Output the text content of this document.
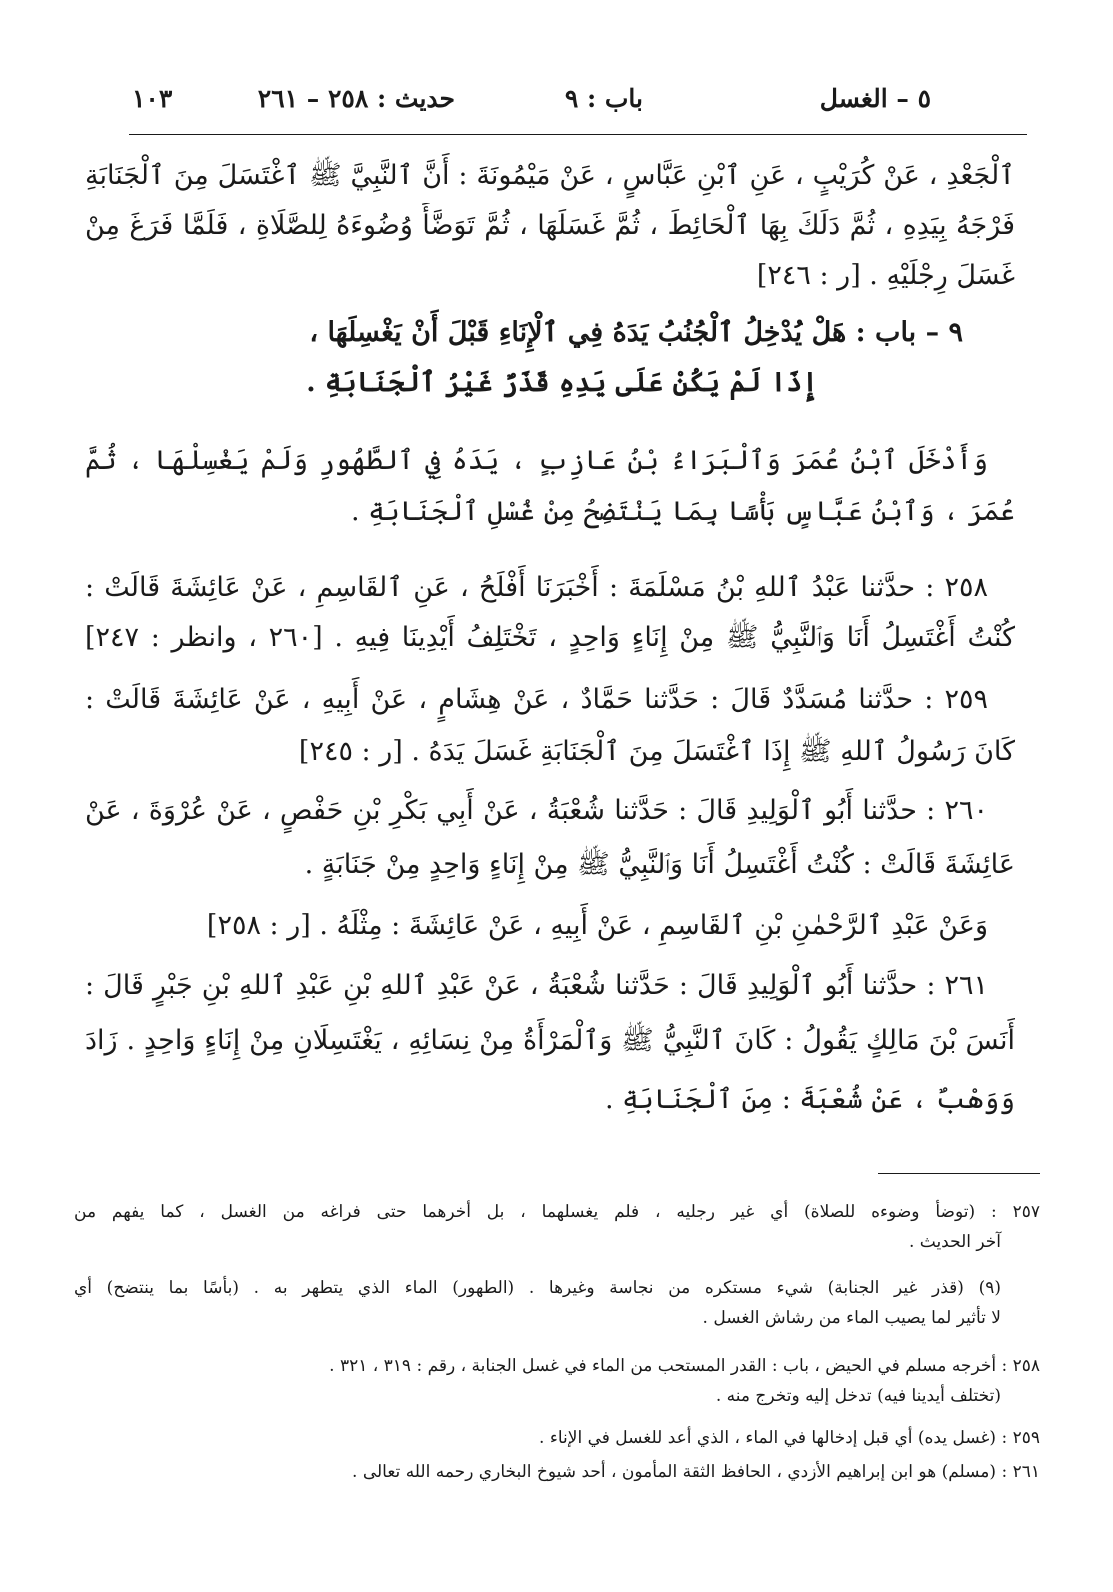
٥ – الغسل
باب : ٩
حديث : ٢٥٨ – ٢٦١
١٠٣
ٱلْجَعْدِ ، عَنْ كُرَيْبٍ ، عَنِ ٱبْنِ عَبَّاسٍ ، عَنْ مَيْمُونَةَ : أَنَّ ٱلنَّبِيَّ ﷺ ٱغْتَسَلَ مِنَ ٱلْجَنَابَةِ
فَرْجَهُ بِيَدِهِ ، ثُمَّ دَلَكَ بِهَا ٱلْحَائِطَ ، ثُمَّ غَسَلَهَا ، ثُمَّ تَوَضَّأَ وُضُوءَهُ لِلصَّلَاةِ ، فَلَمَّا فَرَغَ مِنْ
غَسَلَ رِجْلَيْهِ . [ر : ٢٤٦]
٩ – باب : هَلْ يُدْخِلُ ٱلْجُنُبُ يَدَهُ فِي ٱلْإِنَاءِ قَبْلَ أَنْ يَغْسِلَهَا ،
إِذَا لَمْ يَكُنْ عَلَى يَدِهِ قَذَرٌ غَيْرُ ٱلْجَنَابَةِ .
وَأَدْخَلَ ٱبْنُ عُمَرَ وَٱلْبَرَاءُ بْنُ عَازِبٍ ، يَدَهُ فِي ٱلطَّهُورِ وَلَمْ يَغْسِلْهَا ، ثُمَّ
عُمَرَ ، وَٱبْنُ عَبَّاسٍ بَأْسًا بِمَا يَنْتَضِحُ مِنْ غُسْلِ ٱلْجَنَابَةِ .
٢٥٨ : حدَّثنا عَبْدُ ٱللهِ بْنُ مَسْلَمَةَ : أَخْبَرَنَا أَفْلَحُ ، عَنِ ٱلقَاسِمِ ، عَنْ عَائِشَةَ قَالَتْ :
كُنْتُ أَغْتَسِلُ أَنَا وَٱلنَّبِيُّ ﷺ مِنْ إِنَاءٍ وَاحِدٍ ، تَخْتَلِفُ أَيْدِينَا فِيهِ . [٢٦٠ ، وانظر : ٢٤٧]
٢٥٩ : حدَّثنا مُسَدَّدٌ قَالَ : حَدَّثنا حَمَّادٌ ، عَنْ هِشَامٍ ، عَنْ أَبِيهِ ، عَنْ عَائِشَةَ قَالَتْ :
كَانَ رَسُولُ ٱللهِ ﷺ إِذَا ٱغْتَسَلَ مِنَ ٱلْجَنَابَةِ غَسَلَ يَدَهُ . [ر : ٢٤٥]
٢٦٠ : حدَّثنا أَبُو ٱلْوَلِيدِ قَالَ : حَدَّثنا شُعْبَةُ ، عَنْ أَبِي بَكْرِ بْنِ حَفْصٍ ، عَنْ عُرْوَةَ ، عَنْ
عَائِشَةَ قَالَتْ : كُنْتُ أَغْتَسِلُ أَنَا وَٱلنَّبِيُّ ﷺ مِنْ إِنَاءٍ وَاحِدٍ مِنْ جَنَابَةٍ .
وَعَنْ عَبْدِ ٱلرَّحْمٰنِ بْنِ ٱلقَاسِمِ ، عَنْ أَبِيهِ ، عَنْ عَائِشَةَ : مِثْلَهُ . [ر : ٢٥٨]
٢٦١ : حدَّثنا أَبُو ٱلْوَلِيدِ قَالَ : حَدَّثنا شُعْبَةُ ، عَنْ عَبْدِ ٱللهِ بْنِ عَبْدِ ٱللهِ بْنِ جَبْرٍ قَالَ :
أَنَسَ بْنَ مَالِكٍ يَقُولُ : كَانَ ٱلنَّبِيُّ ﷺ وَٱلْمَرْأَةُ مِنْ نِسَائِهِ ، يَغْتَسِلَانِ مِنْ إِنَاءٍ وَاحِدٍ . زَادَ
وَوَهْبٌ ، عَنْ شُعْبَةَ : مِنَ ٱلْجَنَابَةِ .
٢٥٧ : (توضأ وضوءه للصلاة) أي غير رجليه ، فلم يغسلهما ، بل أخرهما حتى فراغه من الغسل ، كما يفهم من
آخر الحديث .
(٩) (قذر غير الجنابة) شيء مستكره من نجاسة وغيرها . (الطهور) الماء الذي يتطهر به . (بأسًا بما ينتضح) أي
لا تأثير لما يصيب الماء من رشاش الغسل .
٢٥٨ : أخرجه مسلم في الحيض ، باب : القدر المستحب من الماء في غسل الجنابة ، رقم : ٣١٩ ، ٣٢١ .
(تختلف أيدينا فيه) تدخل إليه وتخرج منه .
٢٥٩ : (غسل يده) أي قبل إدخالها في الماء ، الذي أعد للغسل في الإناء .
٢٦١ : (مسلم) هو ابن إبراهيم الأزدي ، الحافظ الثقة المأمون ، أحد شيوخ البخاري رحمه الله تعالى .
